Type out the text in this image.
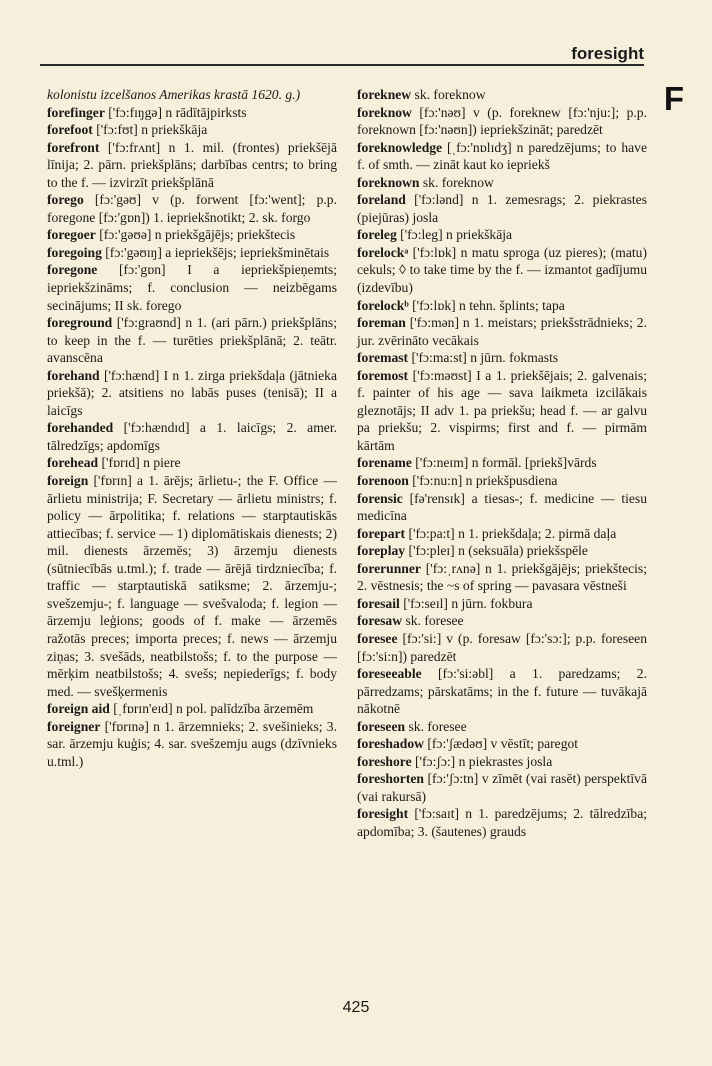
foresight
F

kolonistu izcelšanos Amerikas krastā 1620. g.)

forefinger ['fɔ:fɪŋgə] n rādītājpirksts

forefoot ['fɔ:fʊt] n priekškāja

forefront ['fɔ:frʌnt] n 1. mil. (frontes) priekšējā līnija; 2. pārn. priekšplāns; darbības centrs; to bring to the f. — izvirzīt priekšplānā

forego [fɔ:'gəʊ] v (p. forwent [fɔ:'went]; p.p. foregone [fɔ:'gɒn]) 1. iepriekšnotikt; 2. sk. forgo

foregoer [fɔ:'gəʊə] n priekšgājējs; priekštecis

foregoing [fɔ:'gəʊɪŋ] a iepriekšējs; iepriekšminētais

foregone [fɔ:'gɒn] I a iepriekšpieņemts; iepriekšzināms; f. conclusion — neizbēgams secinājums; II sk. forego

foreground ['fɔ:graʊnd] n 1. (ari pārn.) priekšplāns; to keep in the f. — turēties priekšplānā; 2. teātr. avanscēna

forehand ['fɔ:hænd] I n 1. zirga priekšdaļa (jātnieka priekšā); 2. atsitiens no labās puses (tenisā); II a laicīgs

forehanded ['fɔ:hændɪd] a 1. laicīgs; 2. amer. tālredzīgs; apdomīgs

forehead ['fɒrɪd] n piere

foreign ['fɒrɪn] a 1. ārējs; ārlietu-; the F. Office — ārlietu ministrija; F. Secretary — ārlietu ministrs; f. policy — ārpolitika; f. relations — starptautiskās attiecības; f. service — 1) diplomātiskais dienests; 2) mil. dienests ārzemēs; 3) ārzemju dienests (sūtniecībās u.tml.); f. trade — ārējā tirdzniecība; f. traffic — starptautiskā satiksme; 2. ārzemju-; svešzemju-; f. language — svešvaloda; f. legion — ārzemju leģions; goods of f. make — ārzemēs ražotās preces; importa preces; f. news — ārzemju ziņas; 3. svešāds, neatbilstošs; f. to the purpose — mērķim neatbilstošs; 4. svešs; nepiederīgs; f. body med. — svešķermenis

foreign aid [ˌfɒrɪn'eɪd] n pol. palīdzība ārzemēm

foreigner ['fɒrɪnə] n 1. ārzemnieks; 2. svešinieks; 3. sar. ārzemju kuģis; 4. sar. svešzemju augs (dzīvnieks u.tml.)

foreknew sk. foreknow

foreknow [fɔ:'nəʊ] v (p. foreknew [fɔ:'nju:]; p.p. foreknown [fɔ:'nəʊn]) iepriekšzināt; paredzēt

foreknowledge [ˌfɔ:'nɒlɪdʒ] n paredzējums; to have f. of smth. — zināt kaut ko iepriekš

foreknown sk. foreknow

foreland ['fɔ:lənd] n 1. zemesrags; 2. piekrastes (piejūras) josla

foreleg ['fɔ:leg] n priekškāja

forelockᵃ ['fɔ:lɒk] n matu sproga (uz pieres); (matu) cekuls; ◊ to take time by the f. — izmantot gadījumu (izdevību)

forelockᵇ ['fɔ:lɒk] n tehn. šplints; tapa

foreman ['fɔ:mən] n 1. meistars; priekšstrādnieks; 2. jur. zvērināto vecākais

foremast ['fɔ:ma:st] n jūrn. fokmasts

foremost ['fɔ:məʊst] I a 1. priekšējais; 2. galvenais; f. painter of his age — sava laikmeta izcilākais gleznotājs; II adv 1. pa priekšu; head f. — ar galvu pa priekšu; 2. vispirms; first and f. — pirmām kārtām

forename ['fɔ:neɪm] n formāl. [priekš]vārds

forenoon ['fɔ:nu:n] n priekšpusdiena

forensic [fə'rensɪk] a tiesas-; f. medicine — tiesu medicīna

forepart ['fɔ:pa:t] n 1. priekšdaļa; 2. pirmā daļa

foreplay ['fɔ:pleɪ] n (seksuāla) priekšspēle

forerunner ['fɔ:ˌrʌnə] n 1. priekšgājējs; priekštecis; 2. vēstnesis; the ~s of spring — pavasara vēstneši

foresail ['fɔ:seɪl] n jūrn. fokbura

foresaw sk. foresee

foresee [fɔ:'si:] v (p. foresaw [fɔ:'sɔ:]; p.p. foreseen [fɔ:'si:n]) paredzēt

foreseeable [fɔ:'si:əbl] a 1. paredzams; 2. pārredzams; pārskatāms; in the f. future — tuvākajā nākotnē

foreseen sk. foresee

foreshadow [fɔ:'ʃædəʊ] v vēstīt; paregot

foreshore ['fɔ:ʃɔ:] n piekrastes josla

foreshorten [fɔ:'ʃɔ:tn] v zīmēt (vai rasēt) perspektīvā (vai rakursā)

foresight ['fɔ:saɪt] n 1. paredzējums; 2. tālredzība; apdomība; 3. (šautenes) grauds

425
